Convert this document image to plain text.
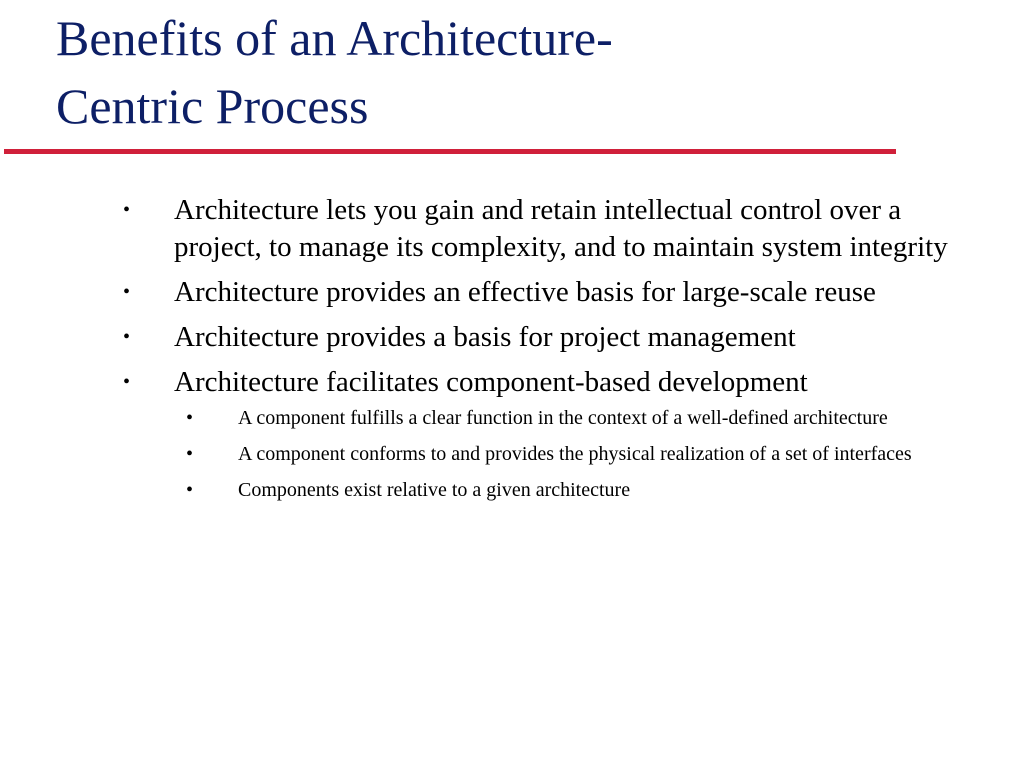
Benefits of an Architecture-
Centric Process
• Architecture lets you gain and retain intellectual control over a project, to manage its complexity, and to maintain system integrity
• Architecture provides an effective basis for large-scale reuse
• Architecture provides a basis for project management
• Architecture facilitates component-based development
• A component fulfills a clear function in the context of a well-defined architecture
• A component conforms to and provides the physical realization of a set of interfaces
• Components exist relative to a given architecture
